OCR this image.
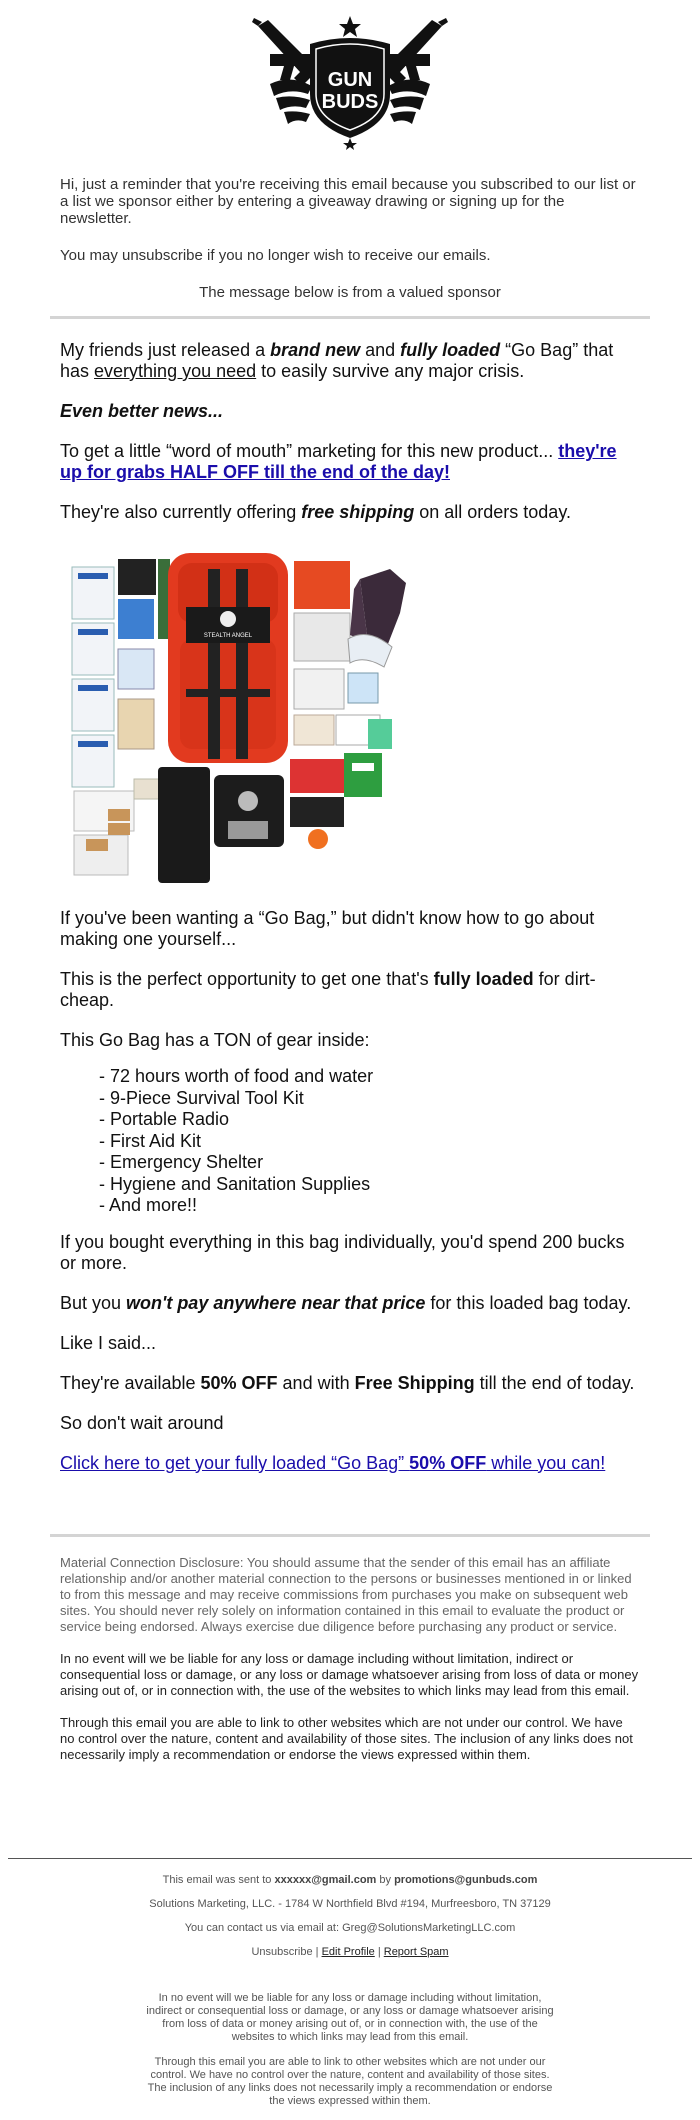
GUN
BUDS

Hi, just a reminder that you're receiving this email because you subscribed to our list or a list we sponsor either by entering a giveaway drawing or signing up for the newsletter.

You may unsubscribe if you no longer wish to receive our emails.

The message below is from a valued sponsor

My friends just released a brand new and fully loaded “Go Bag” that has everything you need to easily survive any major crisis.

Even better news...

To get a little “word of mouth” marketing for this new product... they're up for grabs HALF OFF till the end of the day!

They're also currently offering free shipping on all orders today.

STEALTH ANGEL

If you've been wanting a “Go Bag,” but didn't know how to go about making one yourself...

This is the perfect opportunity to get one that's fully loaded for dirt-cheap.

This Go Bag has a TON of gear inside:

- 72 hours worth of food and water
- 9-Piece Survival Tool Kit
- Portable Radio
- First Aid Kit
- Emergency Shelter
- Hygiene and Sanitation Supplies
- And more!!

If you bought everything in this bag individually, you'd spend 200 bucks or more.

But you won't pay anywhere near that price for this loaded bag today.

Like I said...

They're available 50% OFF and with Free Shipping till the end of today.

So don't wait around

Click here to get your fully loaded “Go Bag” 50% OFF while you can!

Material Connection Disclosure: You should assume that the sender of this email has an affiliate relationship and/or another material connection to the persons or businesses mentioned in or linked to from this message and may receive commissions from purchases you make on subsequent web sites. You should never rely solely on information contained in this email to evaluate the product or service being endorsed. Always exercise due diligence before purchasing any product or service.

In no event will we be liable for any loss or damage including without limitation, indirect or consequential loss or damage, or any loss or damage whatsoever arising from loss of data or money arising out of, or in connection with, the use of the websites to which links may lead from this email.

Through this email you are able to link to other websites which are not under our control. We have no control over the nature, content and availability of those sites. The inclusion of any links does not necessarily imply a recommendation or endorse the views expressed within them.

This email was sent to xxxxxx@gmail.com by promotions@gunbuds.com

Solutions Marketing, LLC. - 1784 W Northfield Blvd #194, Murfreesboro, TN 37129

You can contact us via email at: Greg@SolutionsMarketingLLC.com

Unsubscribe | Edit Profile | Report Spam

In no event will we be liable for any loss or damage including without limitation, indirect or consequential loss or damage, or any loss or damage whatsoever arising from loss of data or money arising out of, or in connection with, the use of the websites to which links may lead from this email.

Through this email you are able to link to other websites which are not under our control. We have no control over the nature, content and availability of those sites. The inclusion of any links does not necessarily imply a recommendation or endorse the views expressed within them.
